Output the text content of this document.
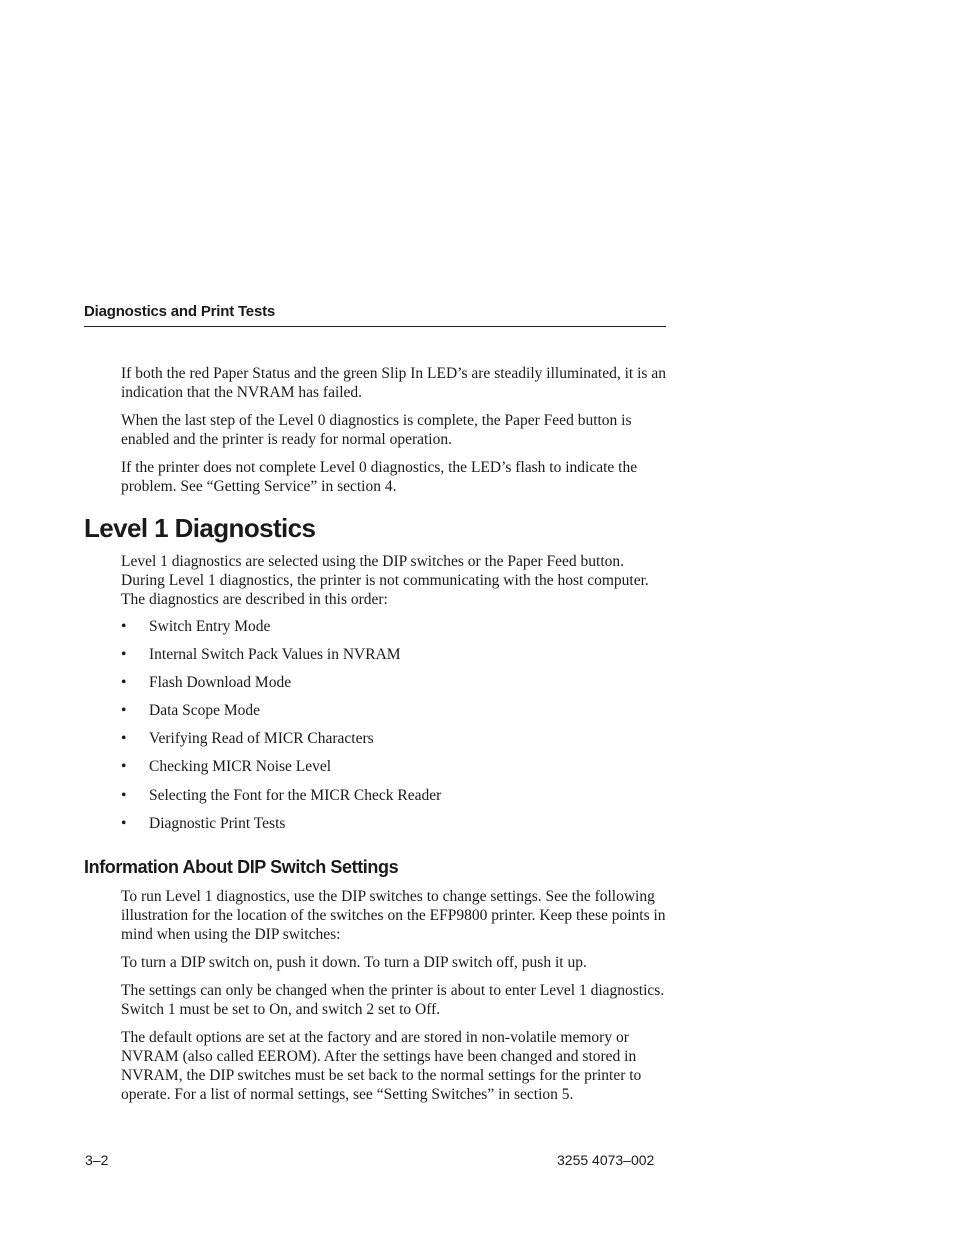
Diagnostics and Print Tests

If both the red Paper Status and the green Slip In LED’s are steadily illuminated, it is an indication that the NVRAM has failed.

When the last step of the Level 0 diagnostics is complete, the Paper Feed button is enabled and the printer is ready for normal operation.

If the printer does not complete Level 0 diagnostics, the LED’s flash to indicate the problem. See “Getting Service” in section 4.

Level 1 Diagnostics

Level 1 diagnostics are selected using the DIP switches or the Paper Feed button. During Level 1 diagnostics, the printer is not communicating with the host computer. The diagnostics are described in this order:

• Switch Entry Mode
• Internal Switch Pack Values in NVRAM
• Flash Download Mode
• Data Scope Mode
• Verifying Read of MICR Characters
• Checking MICR Noise Level
• Selecting the Font for the MICR Check Reader
• Diagnostic Print Tests
Information About DIP Switch Settings

To run Level 1 diagnostics, use the DIP switches to change settings. See the following illustration for the location of the switches on the EFP9800 printer. Keep these points in mind when using the DIP switches:

To turn a DIP switch on, push it down. To turn a DIP switch off, push it up.

The settings can only be changed when the printer is about to enter Level 1 diagnostics. Switch 1 must be set to On, and switch 2 set to Off.

The default options are set at the factory and are stored in non-volatile memory or NVRAM (also called EEROM). After the settings have been changed and stored in NVRAM, the DIP switches must be set back to the normal settings for the printer to operate. For a list of normal settings, see “Setting Switches” in section 5.

3–2	3255 4073–002
